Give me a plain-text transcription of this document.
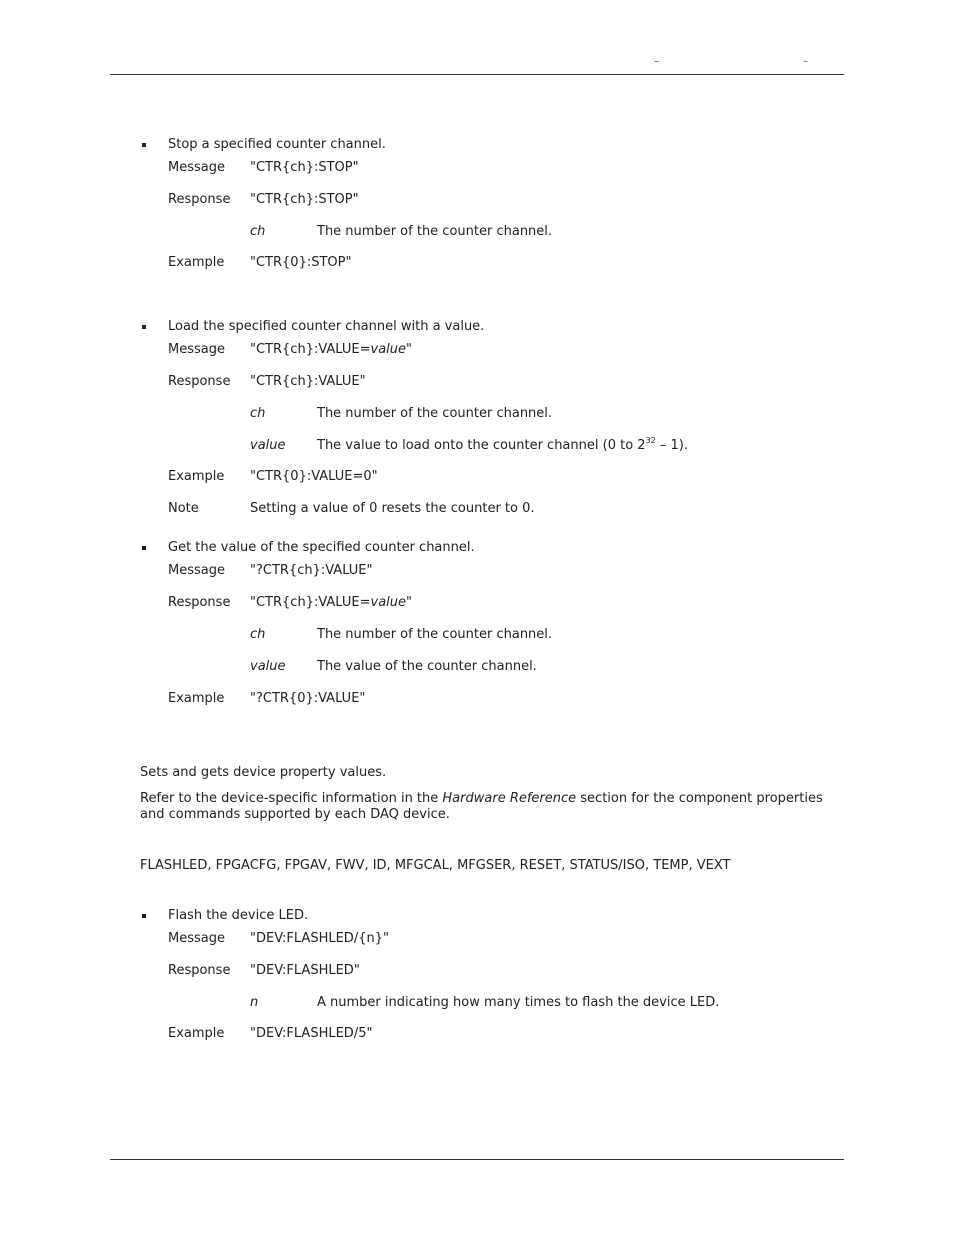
–	–
Stop a specified counter channel.
Message "CTR{ch}:STOP"
Response "CTR{ch}:STOP"
ch	The number of the counter channel.
Example "CTR{0}:STOP"
Load the specified counter channel with a value.
Message "CTR{ch}:VALUE=value"
Response "CTR{ch}:VALUE"
ch	The number of the counter channel.
value The value to load onto the counter channel (0 to $2^{32} - 1$).
Example "CTR{0}:VALUE=0"
Note	Setting a value of 0 resets the counter to 0.
Get the value of the specified counter channel.
Message "?CTR{ch}:VALUE"
Response "CTR{ch}:VALUE=value"
ch	The number of the counter channel.
value The value of the counter channel.
Example "?CTR{0}:VALUE"
Sets and gets device property values.
Refer to the device-specific information in the Hardware Reference section for the component properties
and commands supported by each DAQ device.
FLASHLED, FPGACFG, FPGAV, FWV, ID, MFGCAL, MFGSER, RESET, STATUS/ISO, TEMP, VEXT
Flash the device LED.
Message "DEV:FLASHLED/{n}"
Response "DEV:FLASHLED"
n	A number indicating how many times to flash the device LED.
Example "DEV:FLASHLED/5"
